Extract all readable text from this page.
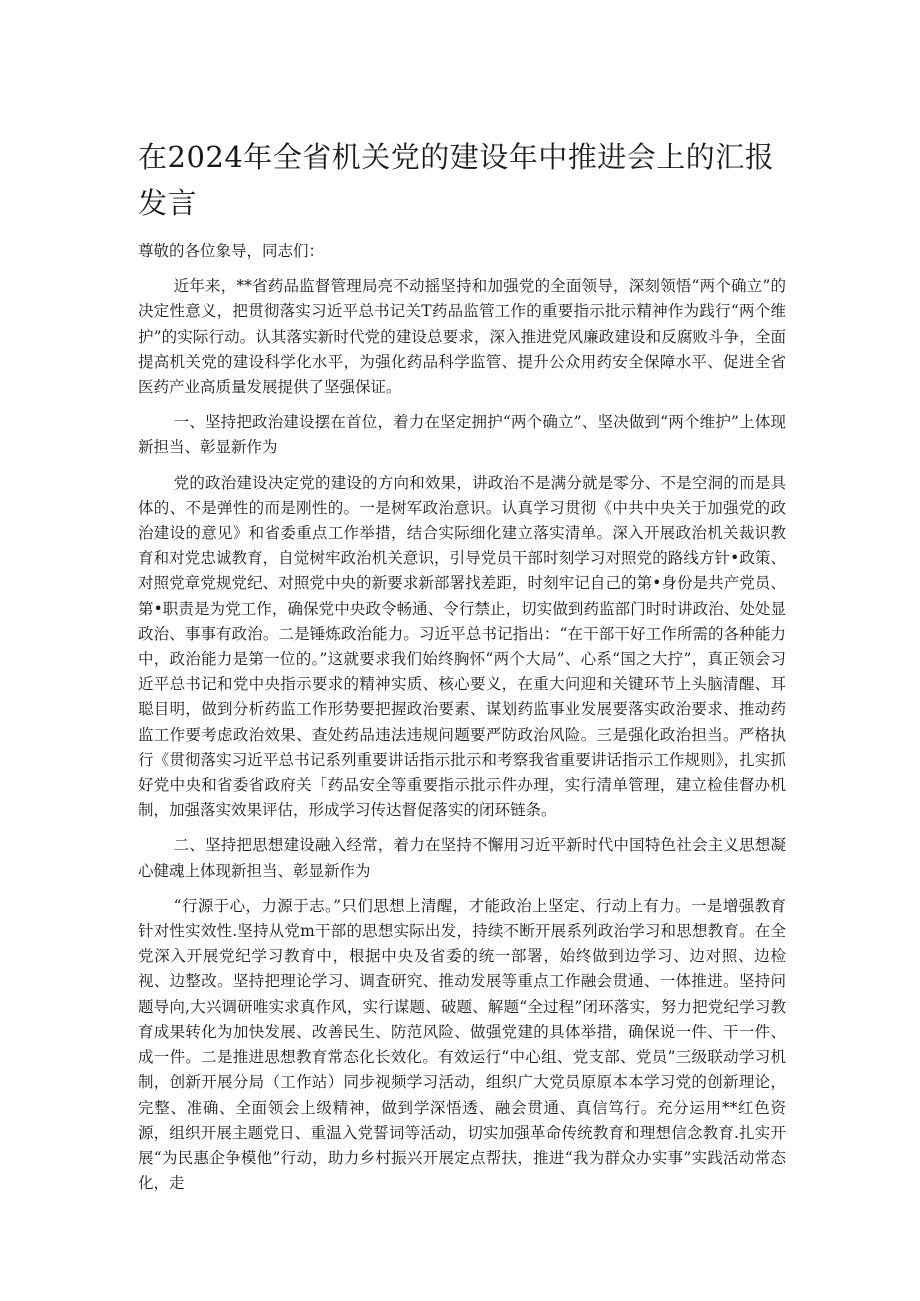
在2024年全省机关党的建设年中推进会上的汇报发言

尊敬的各位象导，同志们：

近年来，**省药品监督管理局亮不动摇坚持和加强党的全面领导，深刻领悟“两个确立”的决定性意义，把贯彻落实习近平总书记关T药品监管工作的重要指示批示精神作为践行“两个维护”的实际行动。认其落实新时代党的建设总要求，深入推进党风廉政建设和反腐败斗争，全面提高机关党的建设科学化水平，为强化药品科学监管、提升公众用药安全保障水平、促进全省医药产业高质量发展提供了坚强保证。

一、坚持把政治建设摆在首位，着力在坚定拥护“两个确立”、坚决做到“两个维护”上体现新担当、彰显新作为

党的政治建设决定党的建设的方向和效果，讲政治不是满分就是零分、不是空洞的而是具体的、不是弹性的而是刚性的。一是树军政治意识。认真学习贯彻《中共中央关于加强党的政治建设的意见》和省委重点工作举措，结合实际细化建立落实清单。深入开展政治机关裁识教育和对党忠诚教育，自觉树牢政治机关意识，引导党员干部时刻学习对照党的路线方针•政策、对照党章党规党纪、对照党中央的新要求新部署找差距，时刻牢记自己的第•身份是共产党员、第•职责是为党工作，确保党中央政令畅通、令行禁止，切实做到药监部门时时讲政治、处处显政治、事事有政治。二是锤炼政治能力。习近平总书记指出：“在干部干好工作所需的各种能力中，政治能力是第一位的。”这就要求我们始终胸怀“两个大局”、心系“国之大拧”，真正领会习近平总书记和党中央指示要求的精神实质、核心要义，在重大问迎和关键环节上头脑清醒、耳聪目明，做到分析药监工作形势要把握政治要素、谋划药监事业发展要落实政治要求、推动药监工作要考虑政治效果、查处药品违法违规问题要严防政治风险。三是强化政治担当。严格执行《贯彻落实习近平总书记系列重要讲话指示批示和考察我省重要讲话指示工作规则》，扎实抓好党中央和省委省政府关「药品安全等重要指示批示件办理，实行清单管理，建立检佳督办机制，加强落实效果评估，形成学习传达督促落实的闭环链条。

二、坚持把思想建设融入经常，着力在坚持不懈用习近平新时代中国特色社会主义思想凝心健魂上体现新担当、彰显新作为

“行源于心，力源于志。”只们思想上清醒，才能政治上坚定、行动上有力。一是增强教育针对性实效性.坚持从党m干部的思想实际出发，持续不断开展系列政治学习和思想教育。在全党深入开展党纪学习教育中，根据中央及省委的统一部署，始终做到边学习、边对照、边检视、边整改。坚持把理论学习、调査研究、推动发展等重点工作融会贯通、一体推进。坚持问题导向,大兴调研唯实求真作风，实行谋题、破题、解题“全过程”闭环落实，努力把党纪学习教育成果转化为加快发展、改善民生、防范风险、做强党建的具体举措，确保说一件、干一件、成一件。二是推进思想教育常态化长效化。有效运行“中心组、党支部、党员”三级联动学习机制，创新开展分局（工作站）同步视频学习活动，组织广大党员原原本本学习党的创新理论，完整、准确、全面领会上级精神，做到学深悟透、融会贯通、真信笃行。充分运用**红色资源，组织开展主题党日、重温入党誓词等活动，切实加强革命传统教育和理想信念教育.扎实开展“为民惠企争模他”行动，助力乡村振兴开展定点帮扶，推进“我为群众办实事”实践活动常态化，走
